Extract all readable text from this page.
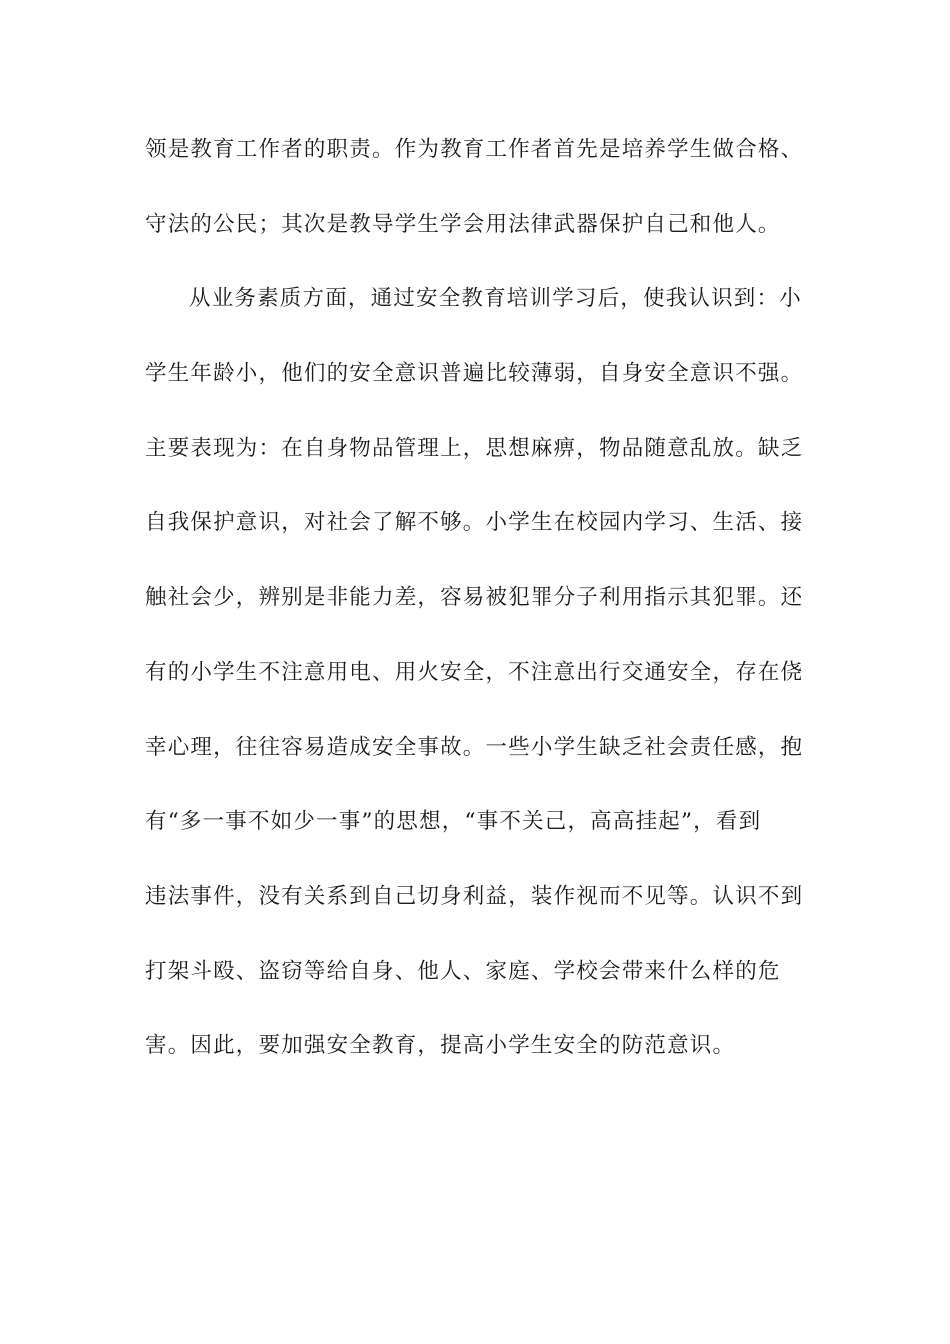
领是教育工作者的职责。作为教育工作者首先是培养学生做合格、
守法的公民；其次是教导学生学会用法律武器保护自己和他人。
从业务素质方面，通过安全教育培训学习后，使我认识到：小
学生年龄小，他们的安全意识普遍比较薄弱，自身安全意识不强。
主要表现为：在自身物品管理上，思想麻痹，物品随意乱放。缺乏
自我保护意识，对社会了解不够。小学生在校园内学习、生活、接
触社会少，辨别是非能力差，容易被犯罪分子利用指示其犯罪。还
有的小学生不注意用电、用火安全，不注意出行交通安全，存在侥
幸心理，往往容易造成安全事故。一些小学生缺乏社会责任感，抱
有“多一事不如少一事”的思想，“事不关己，高高挂起”，看到
违法事件，没有关系到自己切身利益，装作视而不见等。认识不到
打架斗殴、盗窃等给自身、他人、家庭、学校会带来什么样的危
害。因此，要加强安全教育，提高小学生安全的防范意识。
